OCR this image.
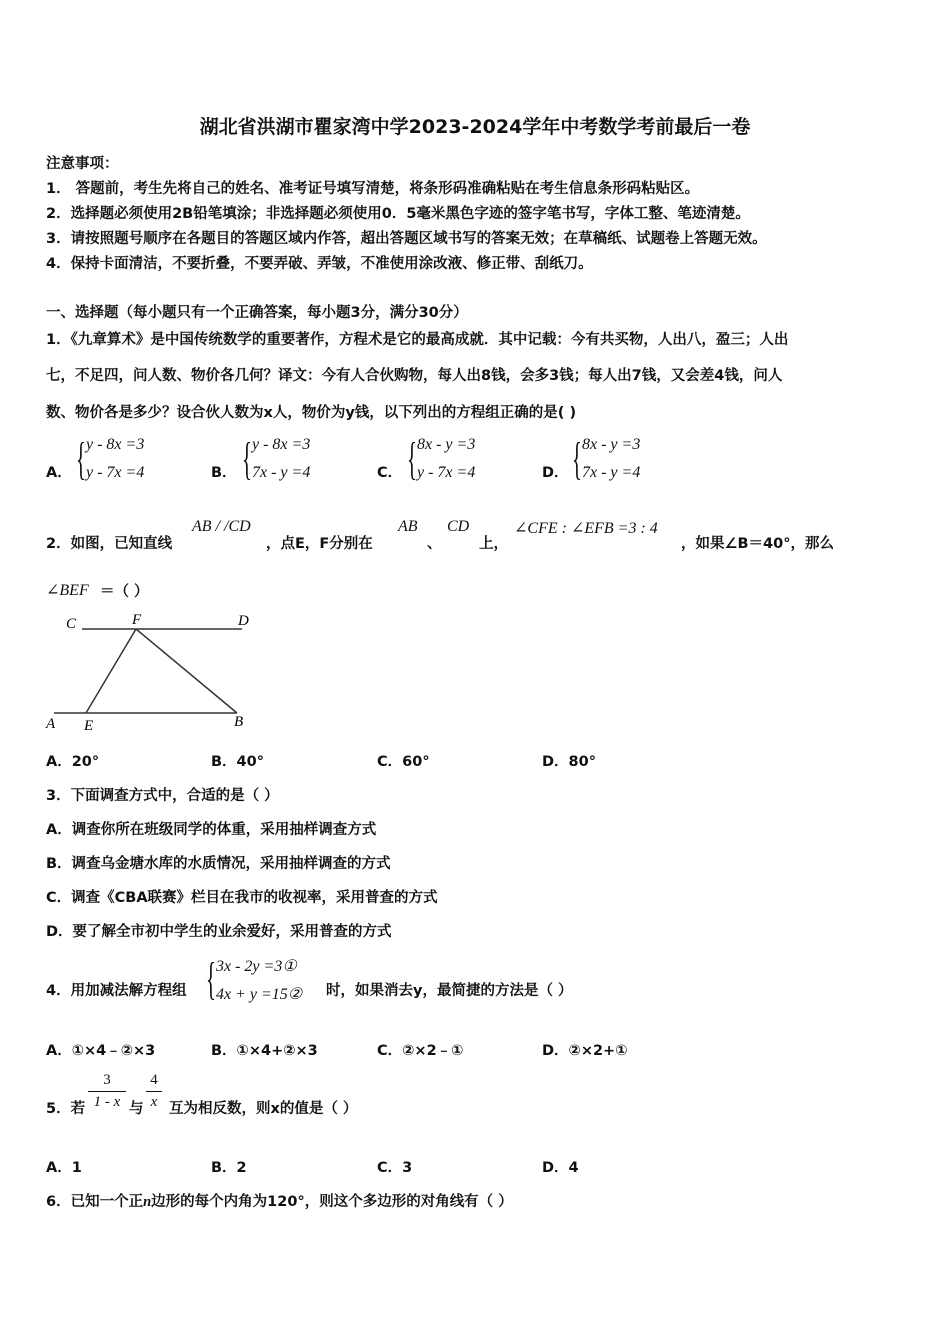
湖北省洪湖市瞿家湾中学2023-2024学年中考数学考前最后一卷
注意事项：
1． 答题前，考生先将自己的姓名、准考证号填写清楚，将条形码准确粘贴在考生信息条形码粘贴区。
2．选择题必须使用2B铅笔填涂；非选择题必须使用0．5毫米黑色字迹的签字笔书写，字体工整、笔迹清楚。
3．请按照题号顺序在各题目的答题区域内作答，超出答题区域书写的答案无效；在草稿纸、试题卷上答题无效。
4．保持卡面清洁，不要折叠，不要弄破、弄皱，不准使用涂改液、修正带、刮纸刀。
一、选择题（每小题只有一个正确答案，每小题3分，满分30分）
1．《九章算术》是中国传统数学的重要著作，方程术是它的最高成就．其中记载：今有共买物，人出八，盈三；人出
七，不足四，问人数、物价各几何？译文：今有人合伙购物，每人出8钱，会多3钱；每人出7钱，又会差4钱，问人
数、物价各是多少？设合伙人数为x人，物价为y钱，以下列出的方程组正确的是( )
A． { y - 8x =3
y - 7x =4	B． { y - 8x =3
7x - y =4	C． { 8x - y =3
y - 7x =4	D． { 8x - y =3
7x - y =4
2．如图，已知直线
AB / /CD
，点E，F分别在
AB
、
CD
上，
∠CFE : ∠EFB =3 : 4
，如果∠B＝40°，那么
∠BEF ＝（ ）
C	F	D
A E	B
A．20°	B．40°	C．60°	D．80°
3．下面调查方式中，合适的是（ ）
A．调查你所在班级同学的体重，采用抽样调查方式
B．调查乌金塘水库的水质情况，采用抽样调查的方式
C．调查《CBA联赛》栏目在我市的收视率，采用普查的方式
D．要了解全市初中学生的业余爱好，采用普查的方式
4．用加减法解方程组 { 3x - 2y =3①
4x + y =15② 时，如果消去y，最简捷的方法是（ ）
A．①×4﹣②×3	B．①×4+②×3	C．②×2﹣①	D．②×2+①
5．若
3
1 - x 与
4
x 互为相反数，则x的值是（ ）
A．1	B．2	C．3	D．4
6．已知一个正n边形的每个内角为120°，则这个多边形的对角线有（ ）
